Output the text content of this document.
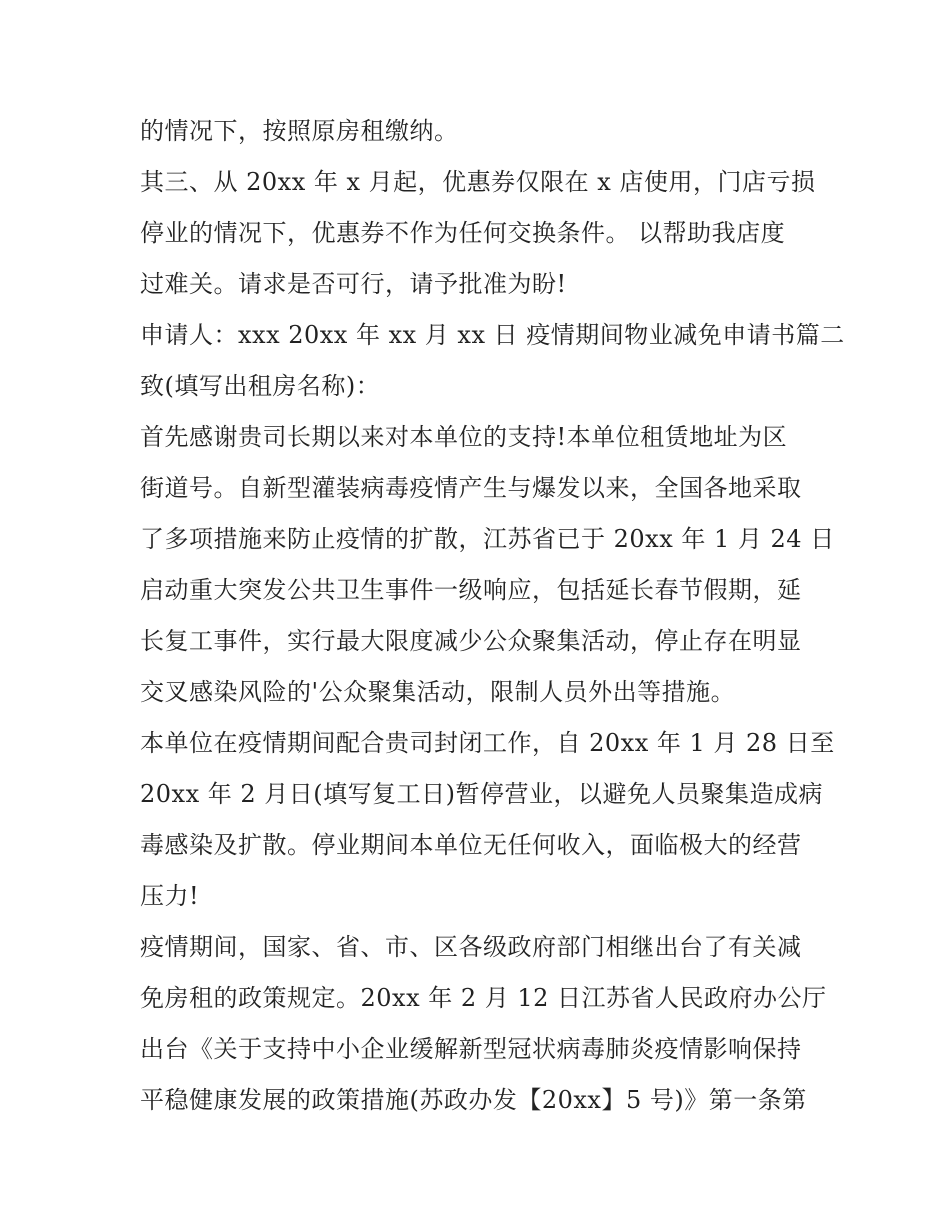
的情况下，按照原房租缴纳。
其三、从 20xx 年 x 月起，优惠券仅限在 x 店使用，门店亏损
停业的情况下，优惠券不作为任何交换条件。 以帮助我店度
过难关。请求是否可行，请予批准为盼!
申请人：xxx 20xx 年 xx 月 xx 日 疫情期间物业减免申请书篇二
致(填写出租房名称)：
首先感谢贵司长期以来对本单位的支持!本单位租赁地址为区
街道号。自新型灌装病毒疫情产生与爆发以来，全国各地采取
了多项措施来防止疫情的扩散，江苏省已于 20xx 年 1 月 24 日
启动重大突发公共卫生事件一级响应，包括延长春节假期，延
长复工事件，实行最大限度减少公众聚集活动，停止存在明显
交叉感染风险的'公众聚集活动，限制人员外出等措施。
本单位在疫情期间配合贵司封闭工作，自 20xx 年 1 月 28 日至
20xx 年 2 月日(填写复工日)暂停营业，以避免人员聚集造成病
毒感染及扩散。停业期间本单位无任何收入，面临极大的经营
压力!
疫情期间，国家、省、市、区各级政府部门相继出台了有关减
免房租的政策规定。20xx 年 2 月 12 日江苏省人民政府办公厅
出台《关于支持中小企业缓解新型冠状病毒肺炎疫情影响保持
平稳健康发展的政策措施(苏政办发【20xx】5 号)》第一条第
